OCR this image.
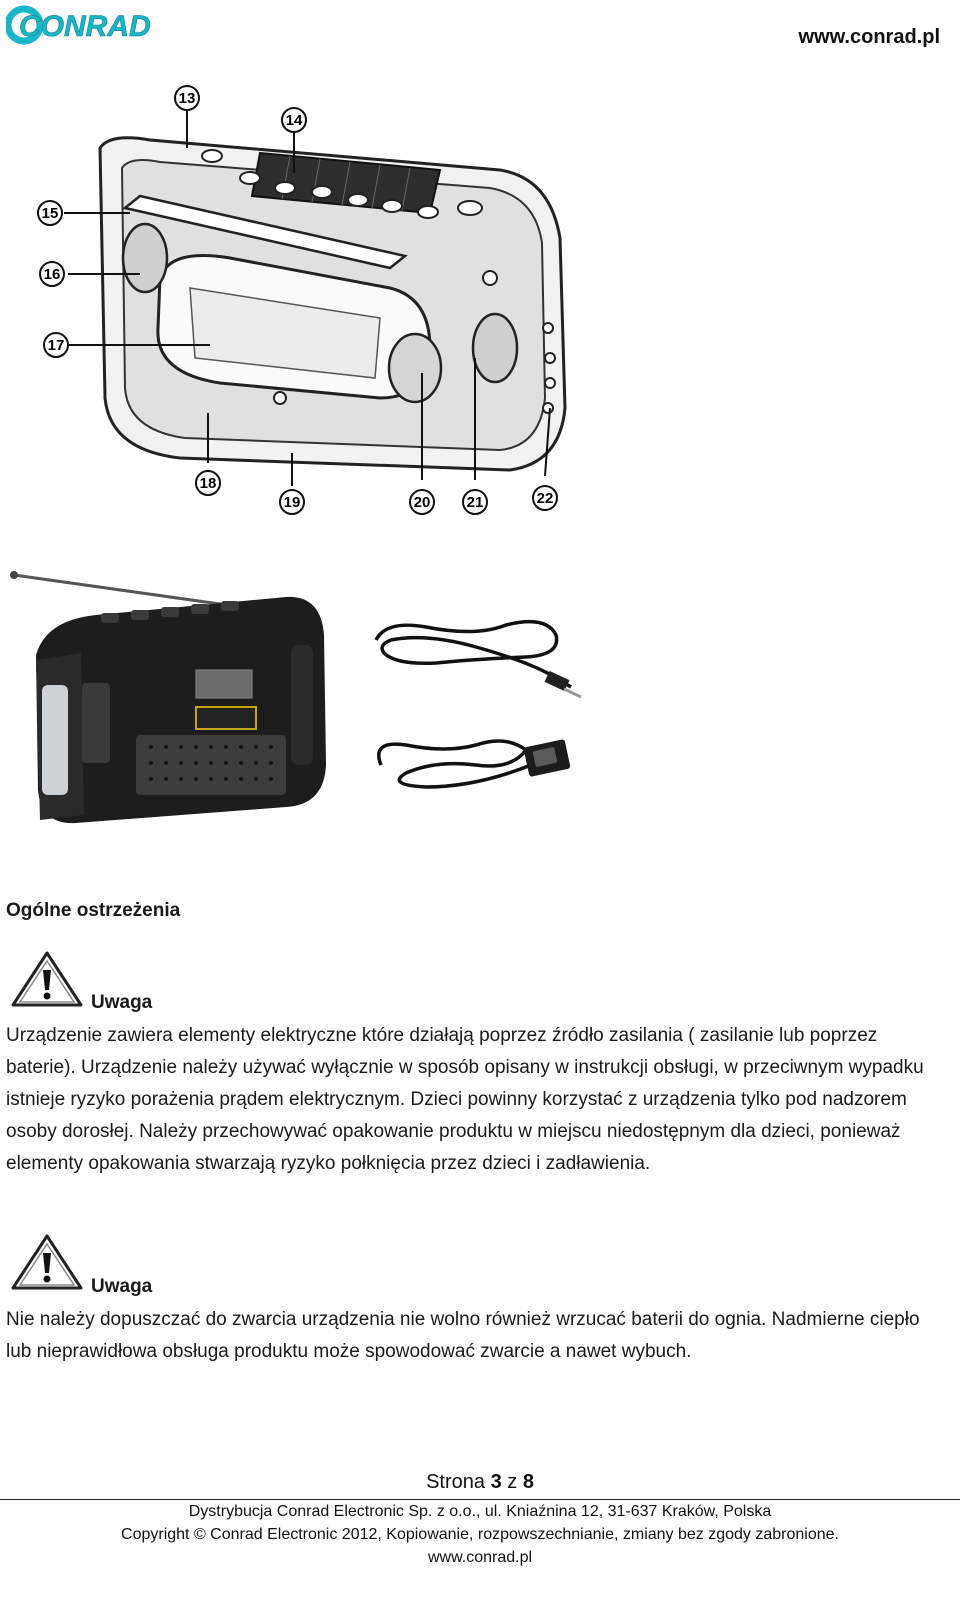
CONRAD	www.conrad.pl
13
14
15
16
17
18
19	20 21	22
Ogólne ostrzeżenia
Uwaga
Urządzenie zawiera elementy elektryczne które działają poprzez źródło zasilania ( zasilanie lub poprzez baterie). Urządzenie należy używać wyłącznie w sposób opisany w instrukcji obsługi, w przeciwnym wypadku istnieje ryzyko porażenia prądem elektrycznym. Dzieci powinny korzystać z urządzenia tylko pod nadzorem osoby dorosłej. Należy przechowywać opakowanie produktu w miejscu niedostępnym dla dzieci, ponieważ elementy opakowania stwarzają ryzyko połknięcia przez dzieci i zadławienia.
Uwaga
Nie należy dopuszczać do zwarcia urządzenia nie wolno również wrzucać baterii do ognia. Nadmierne ciepło lub nieprawidłowa obsługa produktu może spowodować zwarcie a nawet wybuch.
Strona 3 z 8
Dystrybucja Conrad Electronic Sp. z o.o., ul. Kniaźnina 12, 31-637 Kraków, Polska
Copyright © Conrad Electronic 2012, Kopiowanie, rozpowszechnianie, zmiany bez zgody zabronione.
www.conrad.pl
